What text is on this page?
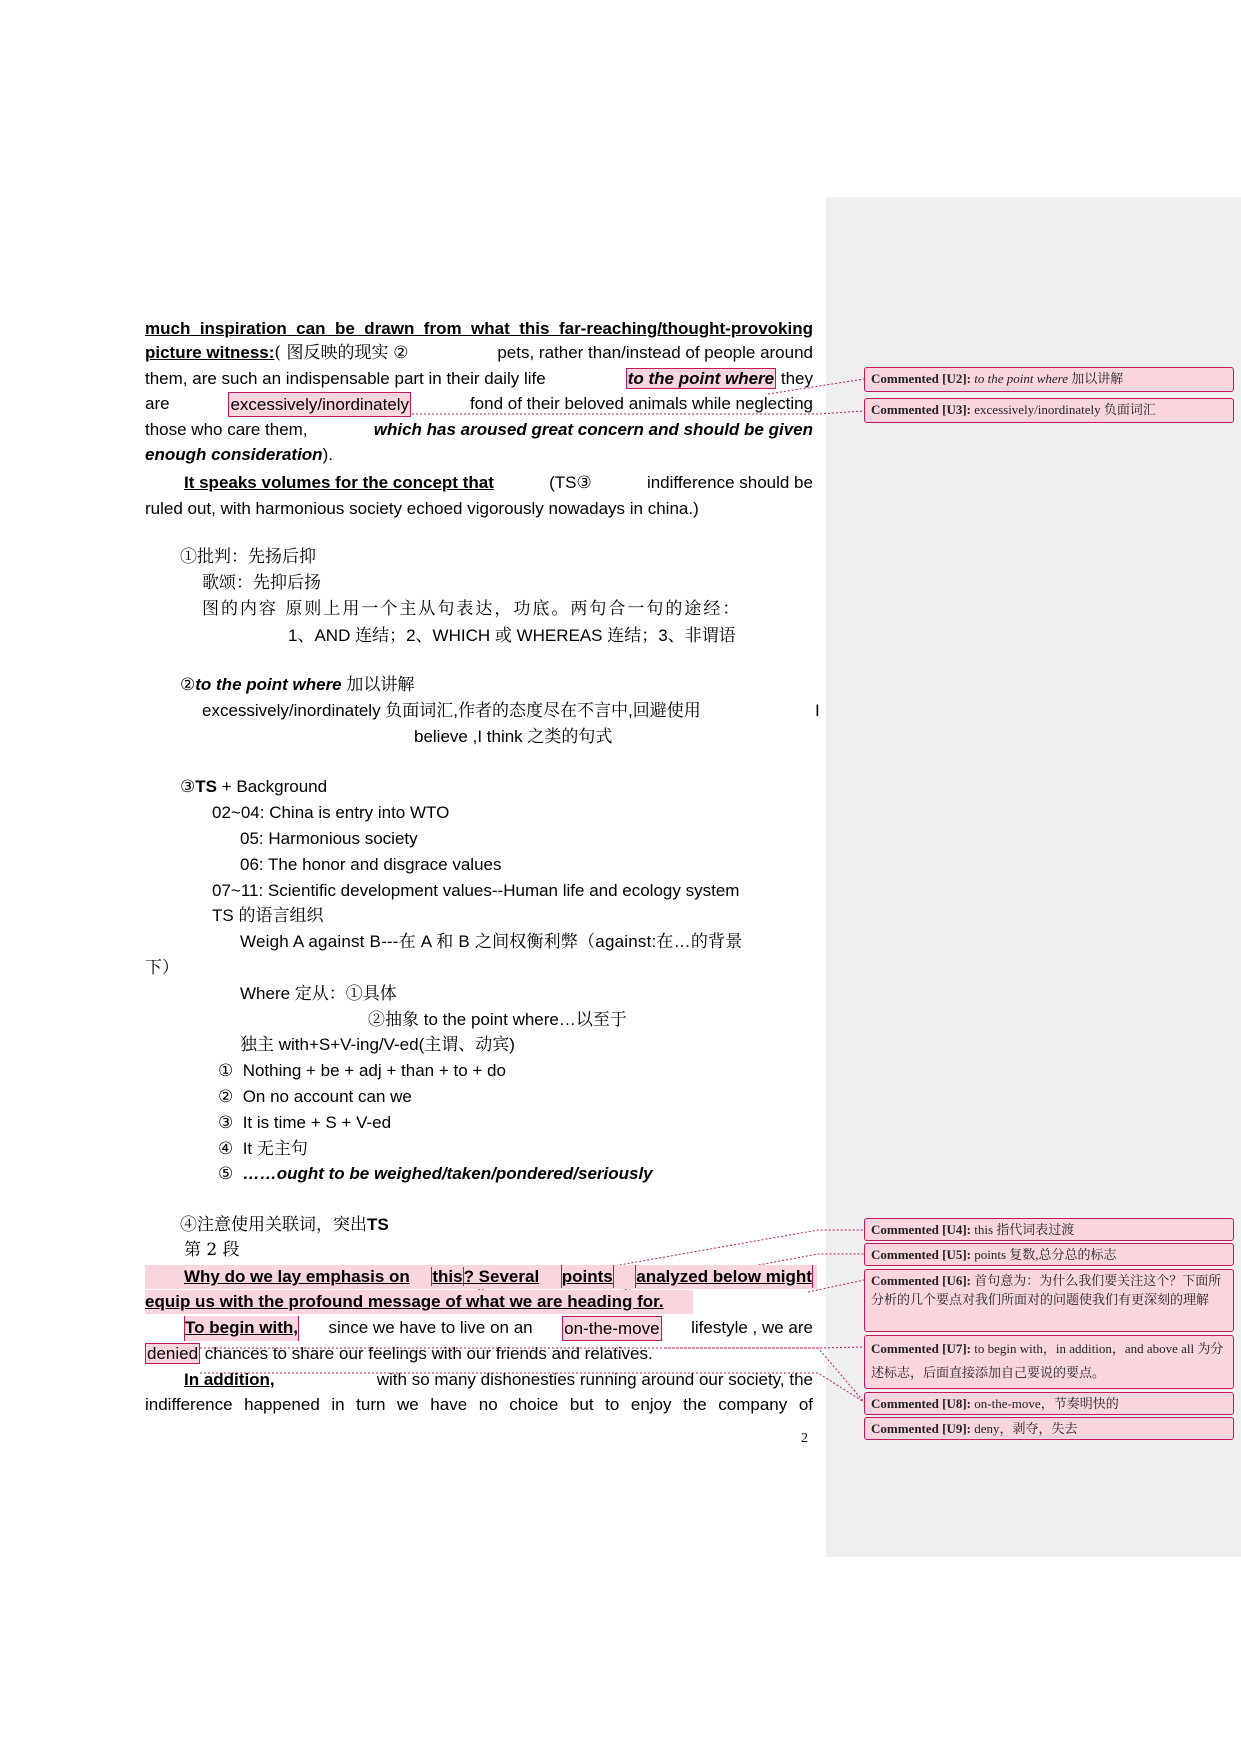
much inspiration can be drawn from what this far-reaching/thought-provoking
picture witness:( 图反映的现实 ②	pets, rather than/instead of people around
them, are such an indispensable part in their daily life	to the point where they
are	excessively/inordinately	fond of their beloved animals while neglecting
those who care them,	which has aroused great concern and should be given
enough consideration).
It speaks volumes for the concept that	(TS③	indifference should be
ruled out, with harmonious society echoed vigorously nowadays in china.)
①批判：先扬后抑
歌颂：先抑后扬
图的内容 原则上用一个主从句表达，功底。两句合一句的途经：
1、AND 连结；2、WHICH 或 WHEREAS 连结；3、非谓语
②to the point where 加以讲解
excessively/inordinately 负面词汇,作者的态度尽在不言中,回避使用	I
believe ,I think 之类的句式
③TS + Background
02~04: China is entry into WTO
05: Harmonious society
06: The honor and disgrace values
07~11: Scientific development values--Human life and ecology system
TS 的语言组织
Weigh A against B---在 A 和 B 之间权衡利弊（against:在…的背景
下）
Where 定从：①具体
②抽象 to the point where…以至于
独主 with+S+V-ing/V-ed(主谓、动宾)
① Nothing + be + adj + than + to + do
② On no account can we
③ It is time + S + V-ed
④ It 无主句
⑤ ……ought to be weighed/taken/pondered/seriously
④注意使用关联词，突出TS
第 2 段
Why do we lay emphasis on this? Several points analyzed below might
equip us with the profound message of what we are heading for.
To begin with, since we have to live on an on-the-move lifestyle , we are
denied chances to share our feelings with our friends and relatives.
In addition,	with so many dishonesties running around our society, the
indifference happened in turn we have no choice but to enjoy the company of
2
Commented [U2]: to the point where 加以讲解
Commented [U3]: excessively/inordinately 负面词汇
Commented [U4]: this 指代词表过渡
Commented [U5]: points 复数,总分总的标志
Commented [U6]: 首句意为：为什么我们要关注这个？下面所分析的几个要点对我们所面对的问题使我们有更深刻的理解
Commented [U7]: to begin with，in addition，and above all 为分述标志，后面直接添加自己要说的要点。
Commented [U8]: on-the-move，节奏明快的
Commented [U9]: deny，剥夺，失去
